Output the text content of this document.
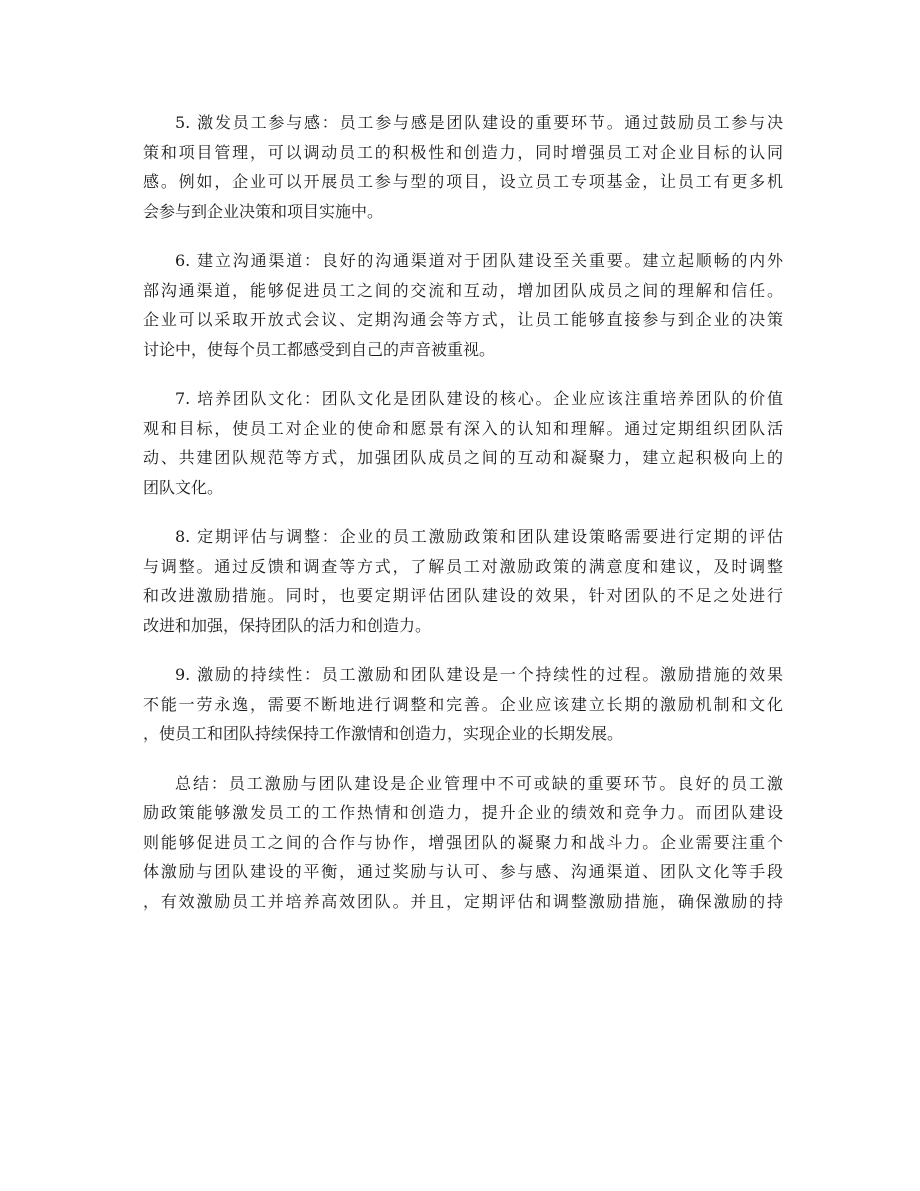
5. 激发员工参与感：员工参与感是团队建设的重要环节。通过鼓励员工参与决
策和项目管理，可以调动员工的积极性和创造力，同时增强员工对企业目标的认同
感。例如，企业可以开展员工参与型的项目，设立员工专项基金，让员工有更多机
会参与到企业决策和项目实施中。

6. 建立沟通渠道：良好的沟通渠道对于团队建设至关重要。建立起顺畅的内外
部沟通渠道，能够促进员工之间的交流和互动，增加团队成员之间的理解和信任。
企业可以采取开放式会议、定期沟通会等方式，让员工能够直接参与到企业的决策
讨论中，使每个员工都感受到自己的声音被重视。

7. 培养团队文化：团队文化是团队建设的核心。企业应该注重培养团队的价值
观和目标，使员工对企业的使命和愿景有深入的认知和理解。通过定期组织团队活
动、共建团队规范等方式，加强团队成员之间的互动和凝聚力，建立起积极向上的
团队文化。

8. 定期评估与调整：企业的员工激励政策和团队建设策略需要进行定期的评估
与调整。通过反馈和调查等方式，了解员工对激励政策的满意度和建议，及时调整
和改进激励措施。同时，也要定期评估团队建设的效果，针对团队的不足之处进行
改进和加强，保持团队的活力和创造力。

9. 激励的持续性：员工激励和团队建设是一个持续性的过程。激励措施的效果
不能一劳永逸，需要不断地进行调整和完善。企业应该建立长期的激励机制和文化
，使员工和团队持续保持工作激情和创造力，实现企业的长期发展。

总结：员工激励与团队建设是企业管理中不可或缺的重要环节。良好的员工激
励政策能够激发员工的工作热情和创造力，提升企业的绩效和竞争力。而团队建设
则能够促进员工之间的合作与协作，增强团队的凝聚力和战斗力。企业需要注重个
体激励与团队建设的平衡，通过奖励与认可、参与感、沟通渠道、团队文化等手段
，有效激励员工并培养高效团队。并且，定期评估和调整激励措施，确保激励的持
